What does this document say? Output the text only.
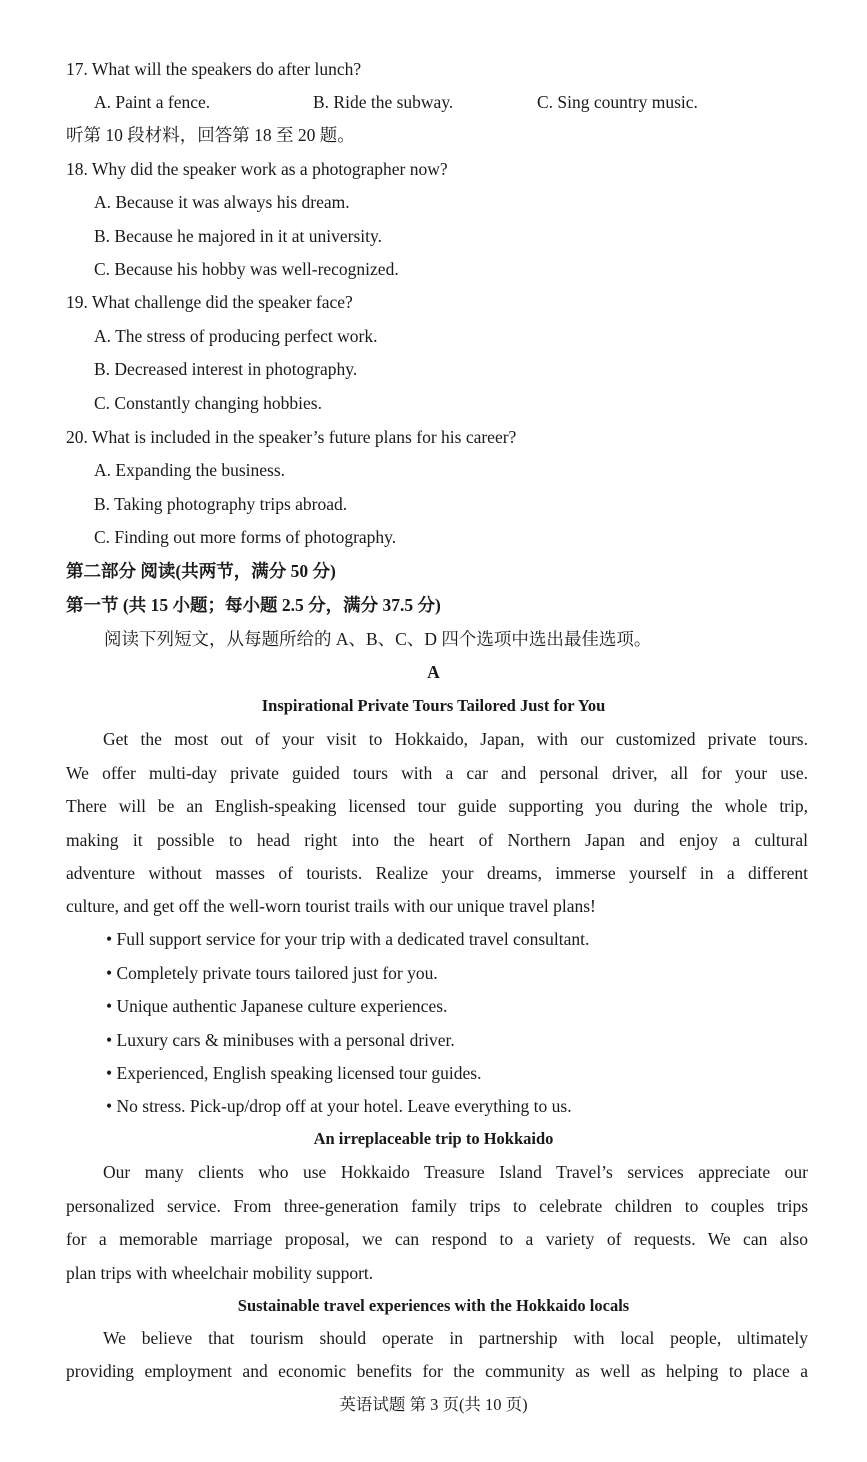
17. What will the speakers do after lunch?
A. Paint a fence.	B. Ride the subway.	C. Sing country music.
听第 10 段材料，回答第 18 至 20 题。
18. Why did the speaker work as a photographer now?
A. Because it was always his dream.
B. Because he majored in it at university.
C. Because his hobby was well-recognized.
19. What challenge did the speaker face?
A. The stress of producing perfect work.
B. Decreased interest in photography.
C. Constantly changing hobbies.
20. What is included in the speaker’s future plans for his career?
A. Expanding the business.
B. Taking photography trips abroad.
C. Finding out more forms of photography.
第二部分 阅读(共两节，满分 50 分)
第一节 (共 15 小题；每小题 2.5 分，满分 37.5 分)
阅读下列短文，从每题所给的 A、B、C、D 四个选项中选出最佳选项。
A
Inspirational Private Tours Tailored Just for You
Get the most out of your visit to Hokkaido, Japan, with our customized private tours.
We offer multi-day private guided tours with a car and personal driver, all for your use.
There will be an English-speaking licensed tour guide supporting you during the whole trip,
making it possible to head right into the heart of Northern Japan and enjoy a cultural
adventure without masses of tourists. Realize your dreams, immerse yourself in a different
culture, and get off the well-worn tourist trails with our unique travel plans!
• Full support service for your trip with a dedicated travel consultant.
• Completely private tours tailored just for you.
• Unique authentic Japanese culture experiences.
• Luxury cars & minibuses with a personal driver.
• Experienced, English speaking licensed tour guides.
• No stress. Pick-up/drop off at your hotel. Leave everything to us.
An irreplaceable trip to Hokkaido
Our many clients who use Hokkaido Treasure Island Travel’s services appreciate our
personalized service. From three-generation family trips to celebrate children to couples trips
for a memorable marriage proposal, we can respond to a variety of requests. We can also
plan trips with wheelchair mobility support.
Sustainable travel experiences with the Hokkaido locals
We believe that tourism should operate in partnership with local people, ultimately
providing employment and economic benefits for the community as well as helping to place a
英语试题 第 3 页(共 10 页)
